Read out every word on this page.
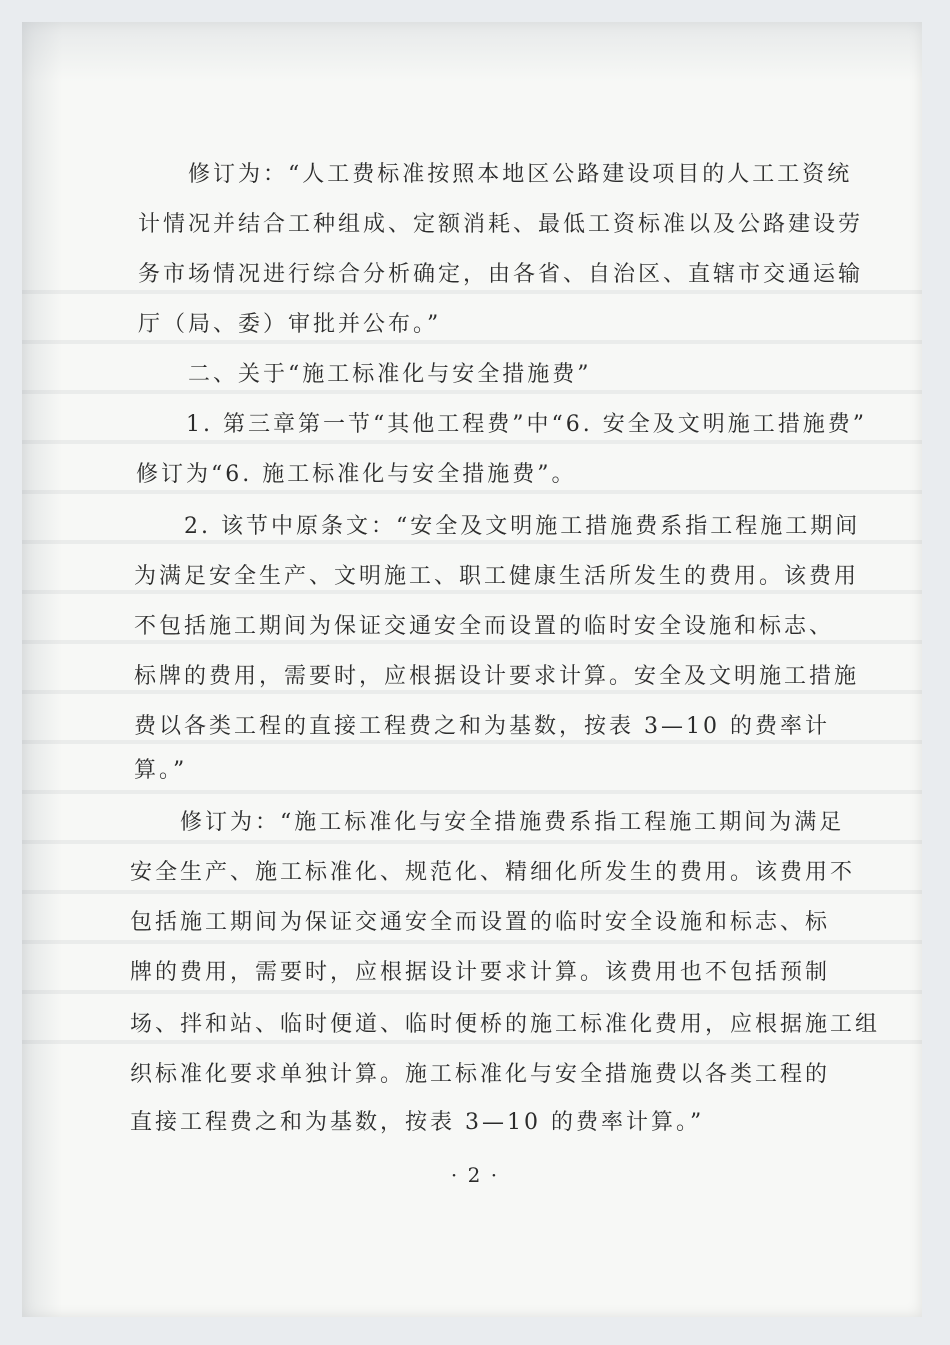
修订为：“人工费标准按照本地区公路建设项目的人工工资统
计情况并结合工种组成、定额消耗、最低工资标准以及公路建设劳
务市场情况进行综合分析确定，由各省、自治区、直辖市交通运输
厅（局、委）审批并公布。”
二、关于“施工标准化与安全措施费”
1. 第三章第一节“其他工程费”中“6. 安全及文明施工措施费”
修订为“6. 施工标准化与安全措施费”。
2. 该节中原条文：“安全及文明施工措施费系指工程施工期间
为满足安全生产、文明施工、职工健康生活所发生的费用。该费用
不包括施工期间为保证交通安全而设置的临时安全设施和标志、
标牌的费用，需要时，应根据设计要求计算。安全及文明施工措施
费以各类工程的直接工程费之和为基数，按表 3—10 的费率计
算。”
修订为：“施工标准化与安全措施费系指工程施工期间为满足
安全生产、施工标准化、规范化、精细化所发生的费用。该费用不
包括施工期间为保证交通安全而设置的临时安全设施和标志、标
牌的费用，需要时，应根据设计要求计算。该费用也不包括预制
场、拌和站、临时便道、临时便桥的施工标准化费用，应根据施工组
织标准化要求单独计算。施工标准化与安全措施费以各类工程的
直接工程费之和为基数，按表 3—10 的费率计算。”
· 2 ·
